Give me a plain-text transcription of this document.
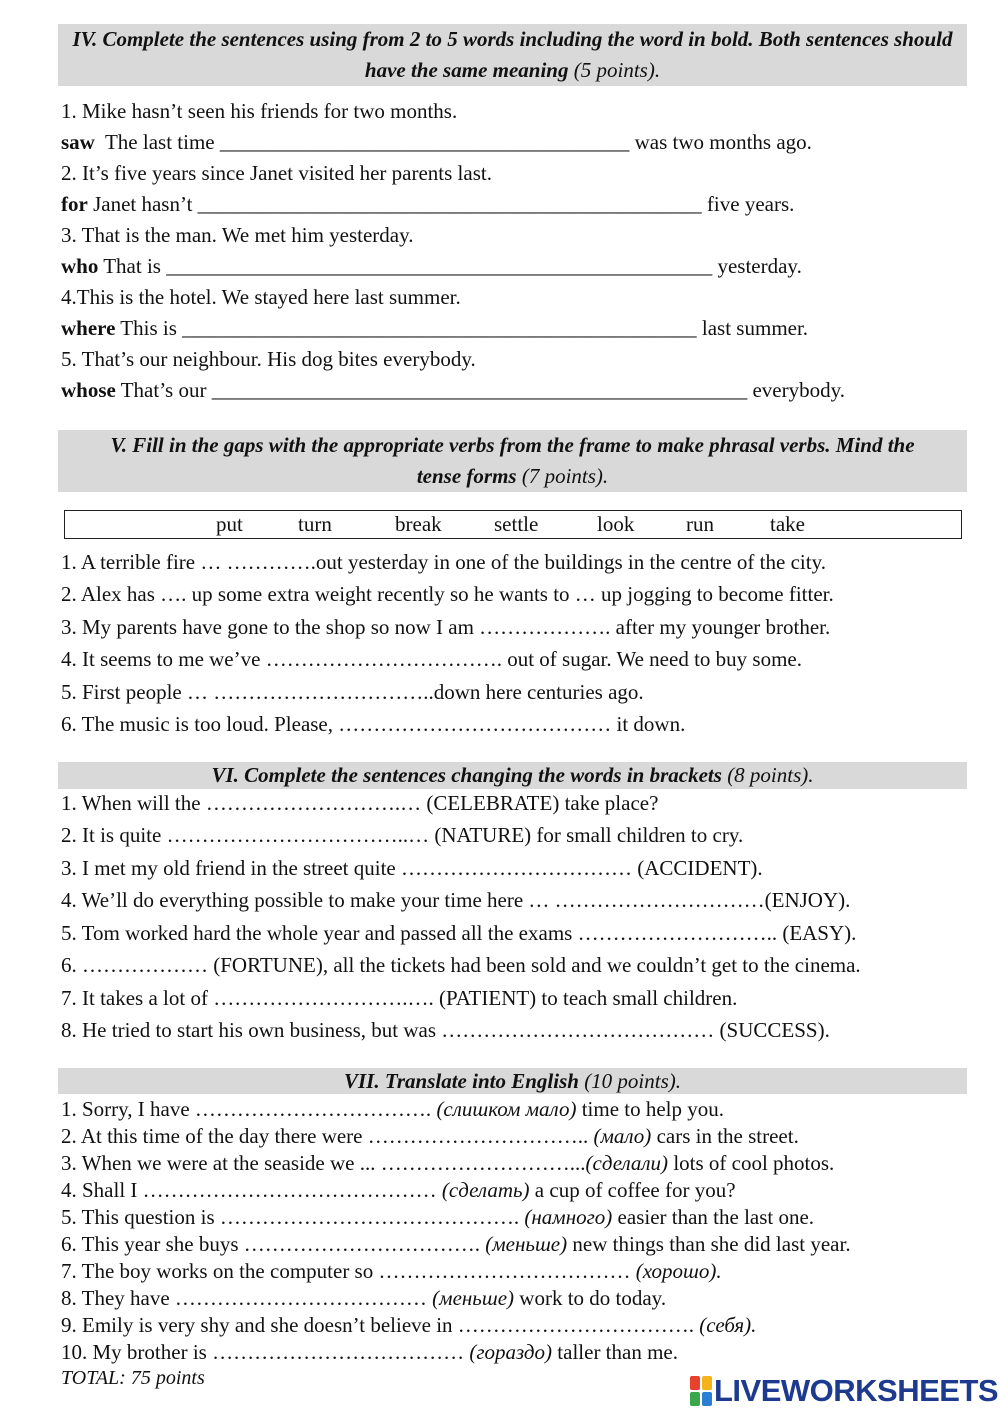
IV. Complete the sentences using from 2 to 5 words including the word in bold. Both sentences should have the same meaning (5 points).
1. Mike hasn’t seen his friends for two months.
saw  The last time _______________________________________ was two months ago.
2. It’s five years since Janet visited her parents last.
for Janet hasn’t ________________________________________________ five years.
3. That is the man. We met him yesterday.
who That is ____________________________________________________ yesterday.
4.This is the hotel. We stayed here last summer.
where This is _________________________________________________ last summer.
5. That’s our neighbour. His dog bites everybody.
whose That’s our ___________________________________________________ everybody.
V. Fill in the gaps with the appropriate verbs from the frame to make phrasal verbs. Mind the
tense forms (7 points).
put	turn	break settle	look run	take
1. A terrible fire … ………….out yesterday in one of the buildings in the centre of the city.
2. Alex has …. up some extra weight recently so he wants to … up jogging to become fitter.
3. My parents have gone to the shop so now I am ………………. after my younger brother.
4. It seems to me we’ve ……………………………. out of sugar. We need to buy some.
5. First people … …………………………..down here centuries ago.
6. The music is too loud. Please, ………………………………… it down.
VI. Complete the sentences changing the words in brackets (8 points).
1. When will the ……………………….… (CELEBRATE) take place?
2. It is quite ……………………………..… (NATURE) for small children to cry.
3. I met my old friend in the street quite …………………………… (ACCIDENT).
4. We’ll do everything possible to make your time here … …………………………(ENJOY).
5. Tom worked hard the whole year and passed all the exams ……………………….. (EASY).
6. ……………… (FORTUNE), all the tickets had been sold and we couldn’t get to the cinema.
7. It takes a lot of ……………………….…. (PATIENT) to teach small children.
8. He tried to start his own business, but was ………………………………… (SUCCESS).
VII. Translate into English (10 points).
1. Sorry, I have ……………………………. (слишком мало) time to help you.
2. At this time of the day there were ………………………….. (мало) cars in the street.
3. When we were at the seaside we ... ………………………...(сделали) lots of cool photos.
4. Shall I …………………………………… (сделать) a cup of coffee for you?
5. This question is ……………………………………. (намного) easier than the last one.
6. This year she buys ……………………………. (меньше) new things than she did last year.
7. The boy works on the computer so ……………………………… (хорошо).
8. They have ……………………………… (меньше) work to do today.
9. Emily is very shy and she doesn’t believe in ……………………………. (себя).
10. My brother is ……………………………… (гораздо) taller than me.
TOTAL: 75 points	LIVEWORKSHEETS
